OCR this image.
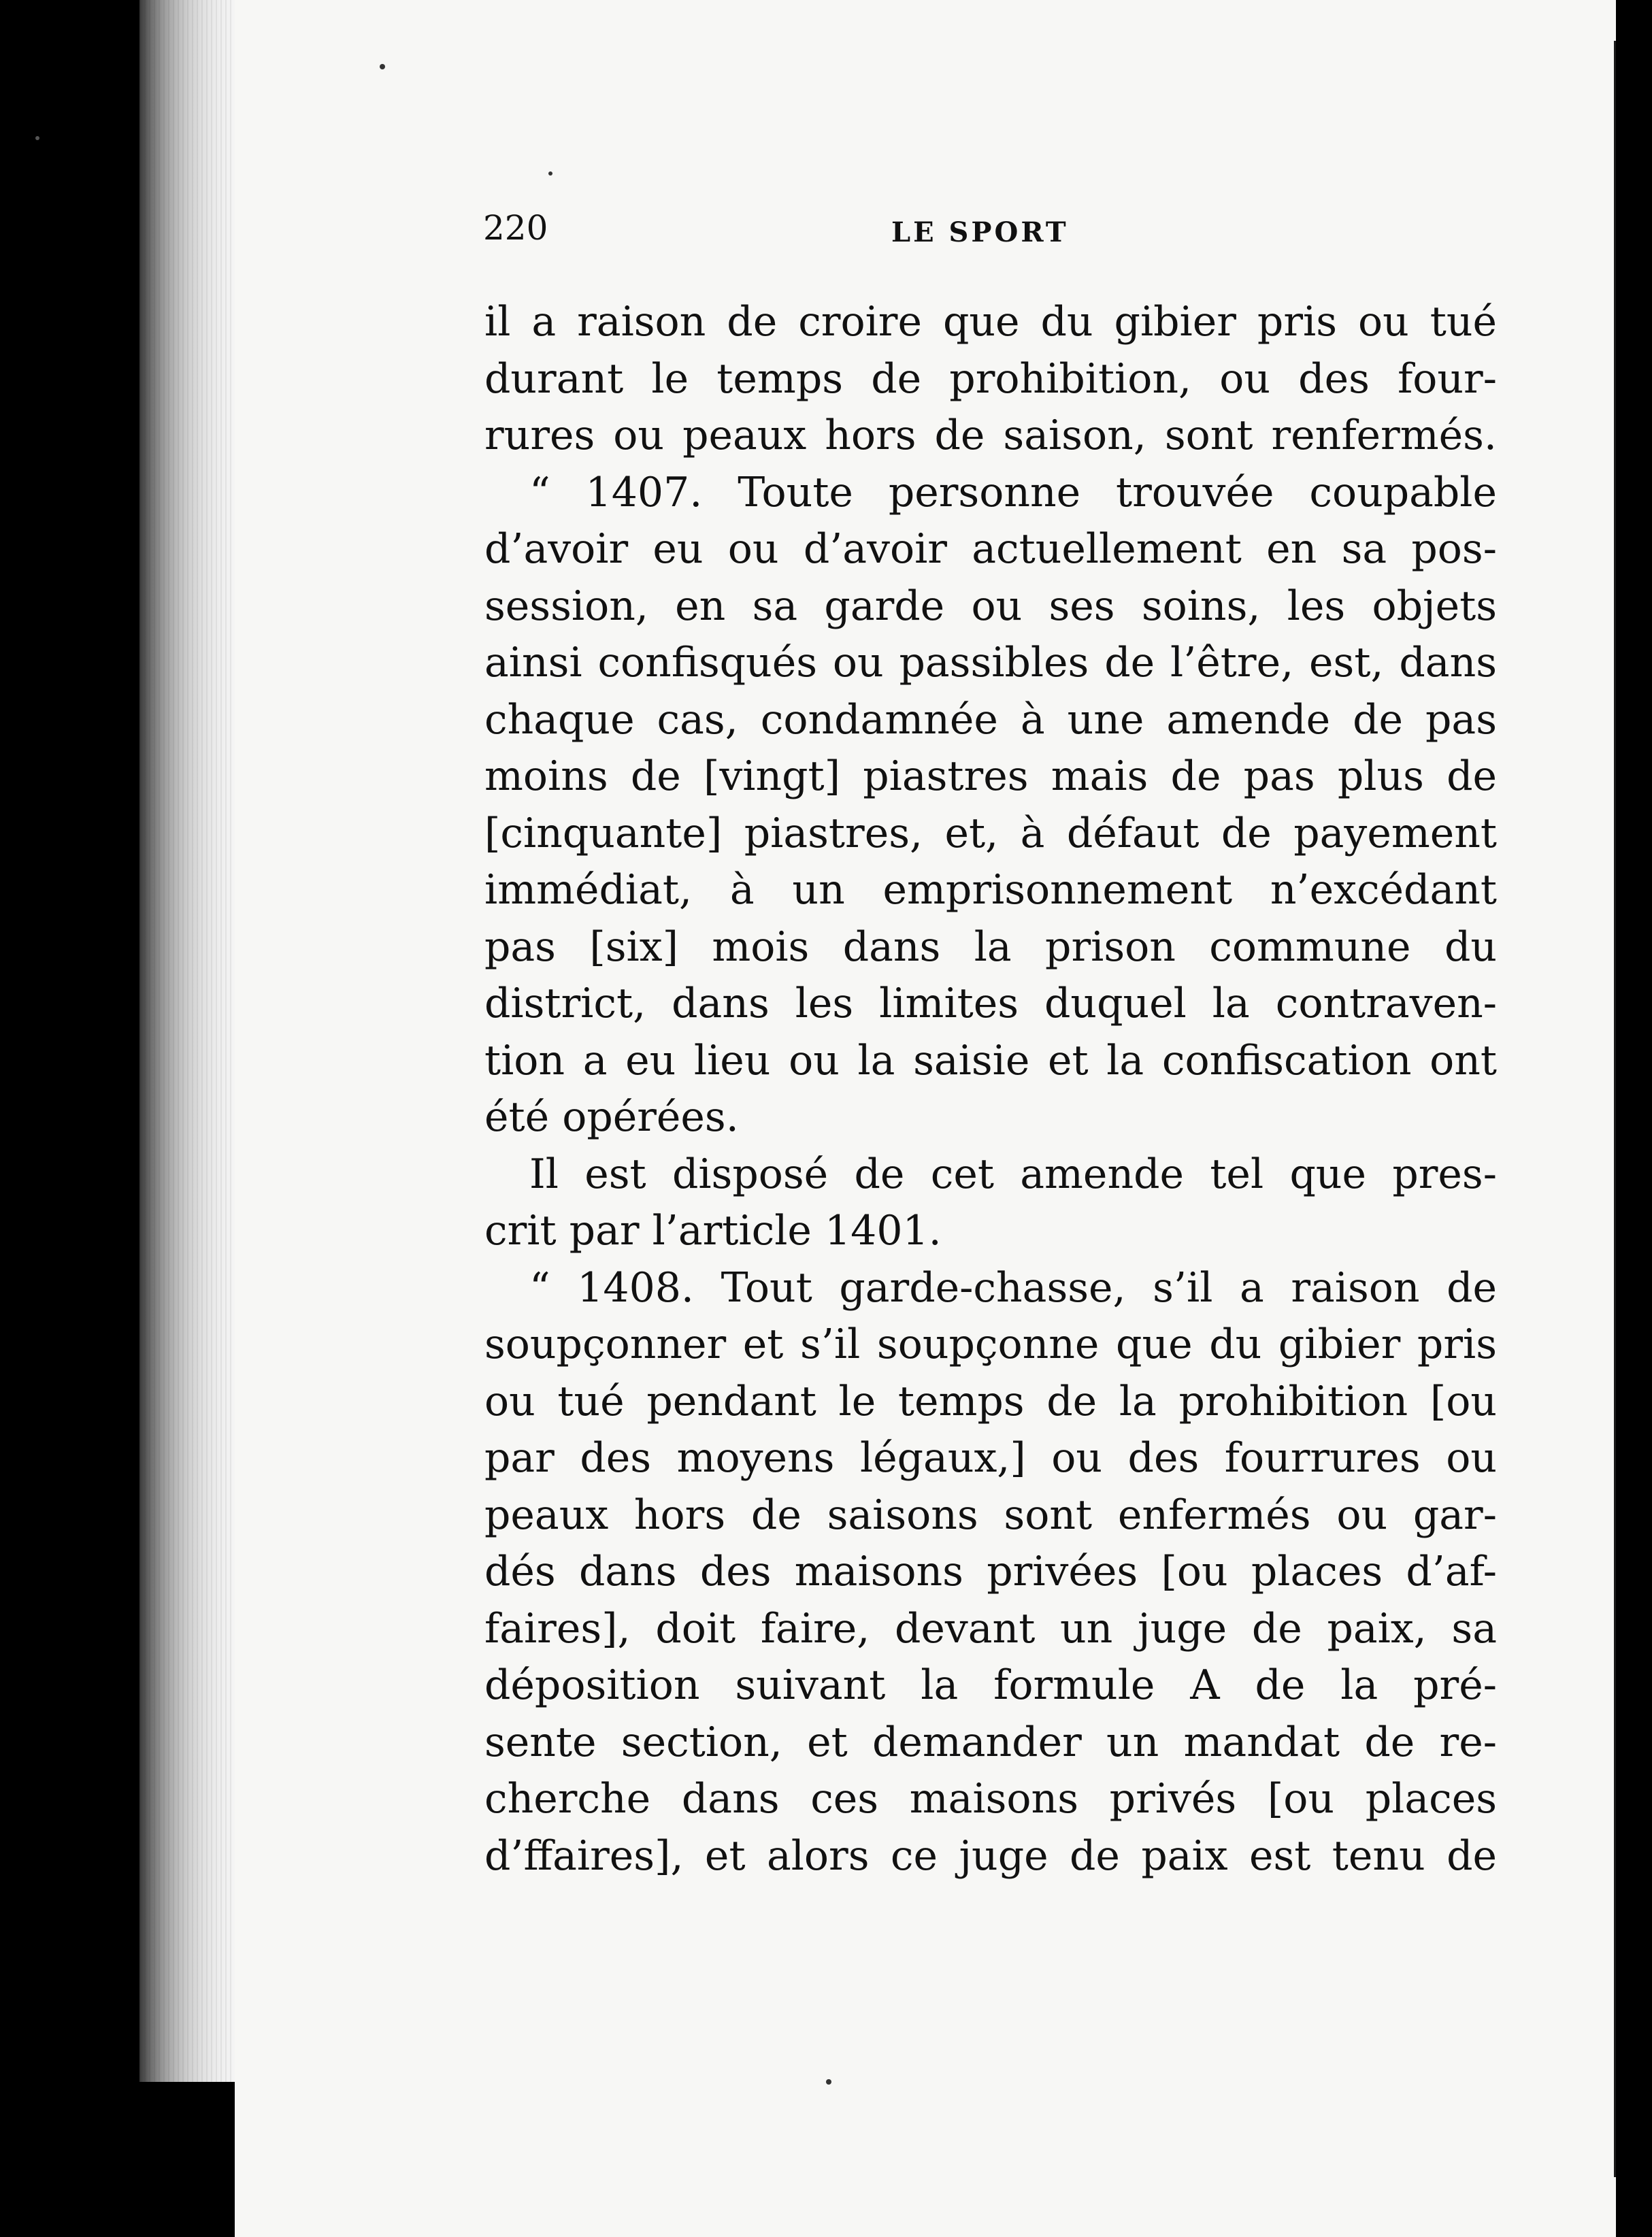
220	LE SPORT
il a raison de croire que du gibier pris ou tué
durant le temps de prohibition, ou des four-
rures ou peaux hors de saison, sont renfermés.
“ 1407. Toute personne trouvée coupable
d’avoir eu ou d’avoir actuellement en sa pos-
session, en sa garde ou ses soins, les objets
ainsi confisqués ou passibles de l’être, est, dans
chaque cas, condamnée à une amende de pas
moins de [vingt] piastres mais de pas plus de
[cinquante] piastres, et, à défaut de payement
immédiat, à un emprisonnement n’excédant
pas [six] mois dans la prison commune du
district, dans les limites duquel la contraven-
tion a eu lieu ou la saisie et la confiscation ont
été opérées.
Il est disposé de cet amende tel que pres-
crit par l’article 1401.
“ 1408. Tout garde-chasse, s’il a raison de
soupçonner et s’il soupçonne que du gibier pris
ou tué pendant le temps de la prohibition [ou
par des moyens légaux,] ou des fourrures ou
peaux hors de saisons sont enfermés ou gar-
dés dans des maisons privées [ou places d’af-
faires], doit faire, devant un juge de paix, sa
déposition suivant la formule A de la pré-
sente section, et demander un mandat de re-
cherche dans ces maisons privés [ou places
d’ffaires], et alors ce juge de paix est tenu de
